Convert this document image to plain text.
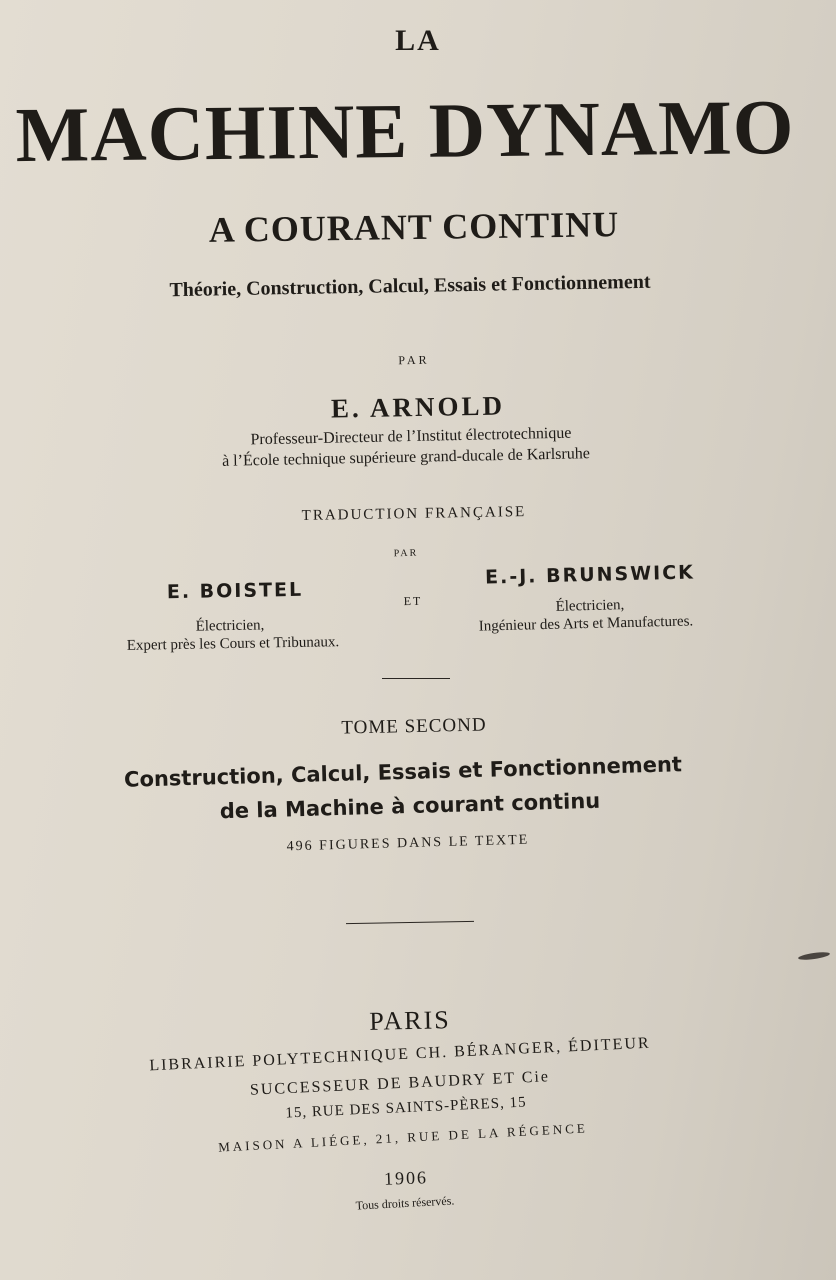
LA
MACHINE DYNAMO
A COURANT CONTINU
Théorie, Construction, Calcul, Essais et Fonctionnement
PAR
E. ARNOLD
Professeur-Directeur de l’Institut électrotechnique
à l’École technique supérieure grand-ducale de Karlsruhe
TRADUCTION FRANÇAISE
PAR
E. BOISTEL
Électricien,
Expert près les Cours et Tribunaux.
ET
E.-J. BRUNSWICK
Électricien,
Ingénieur des Arts et Manufactures.
TOME SECOND
Construction, Calcul, Essais et Fonctionnement
de la Machine à courant continu
496 FIGURES DANS LE TEXTE
PARIS
LIBRAIRIE POLYTECHNIQUE CH. BÉRANGER, ÉDITEUR
SUCCESSEUR DE BAUDRY ET Cie
15, RUE DES SAINTS-PÈRES, 15
MAISON A LIÉGE, 21, RUE DE LA RÉGENCE
1906
Tous droits réservés.
